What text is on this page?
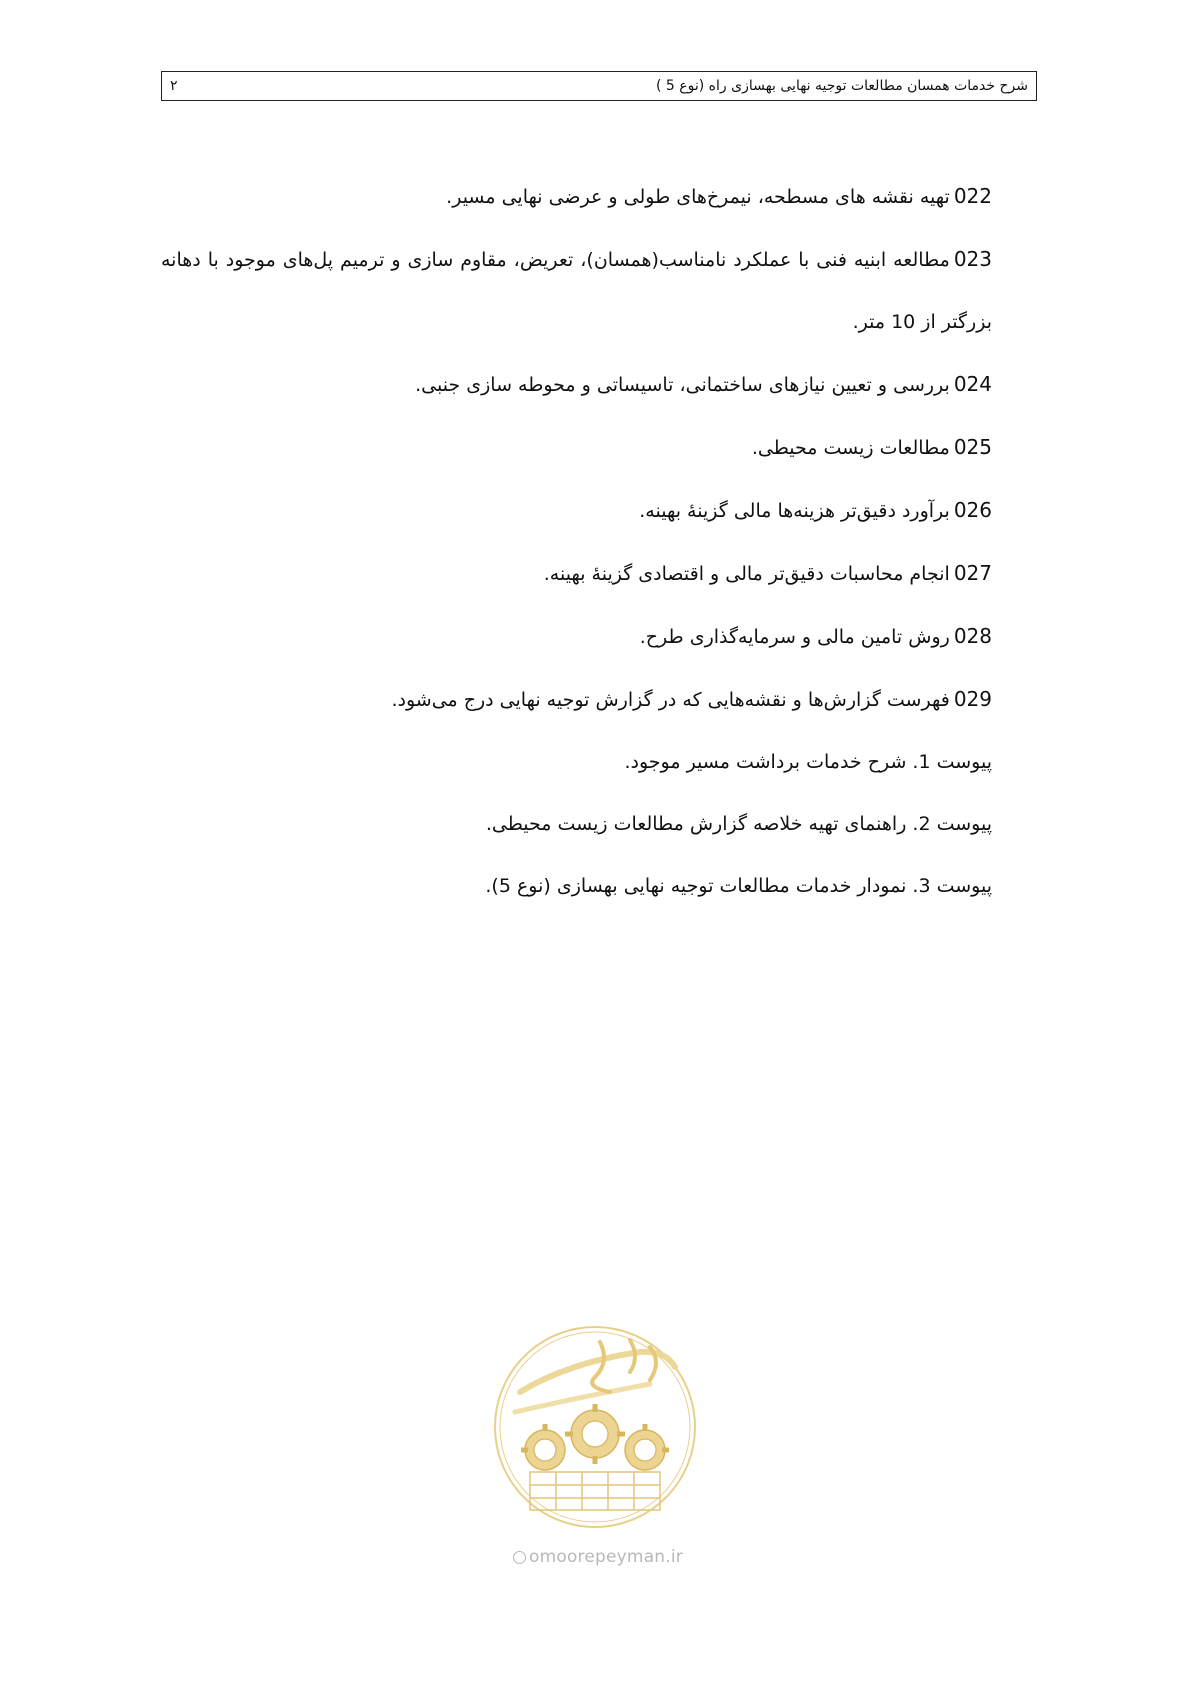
شرح خدمات همسان مطالعات توجیه نهایی بهسازی راه (نوع 5 )
۲

022تهیه نقشه های مسطحه، نیمرخ‌های طولی و عرضی نهایی مسیر.

023مطالعه ابنیه فنی با عملکرد نامناسب(همسان)، تعریض، مقاوم سازی و ترمیم پل‌های موجود با دهانه بزرگتر از 10 متر.

024بررسی و تعیین نیازهای ساختمانی، تاسیساتی و محوطه سازی جنبی.

025مطالعات زیست محیطی.

026برآورد دقیق‌تر هزینه‌ها مالی گزینهٔ بهینه.

027انجام محاسبات دقیق‌تر مالی و اقتصادی گزینهٔ بهینه.

028روش تامین مالی و سرمایه‌گذاری طرح.

029فهرست گزارش‌ها و نقشه‌هایی که در گزارش توجیه نهایی درج می‌شود.

پیوست 1. شرح خدمات برداشت مسیر موجود.

پیوست 2. راهنمای تهیه خلاصه گزارش مطالعات زیست محیطی.

پیوست 3. نمودار خدمات مطالعات توجیه نهایی بهسازی (نوع 5).

omoorepeyman.ir
